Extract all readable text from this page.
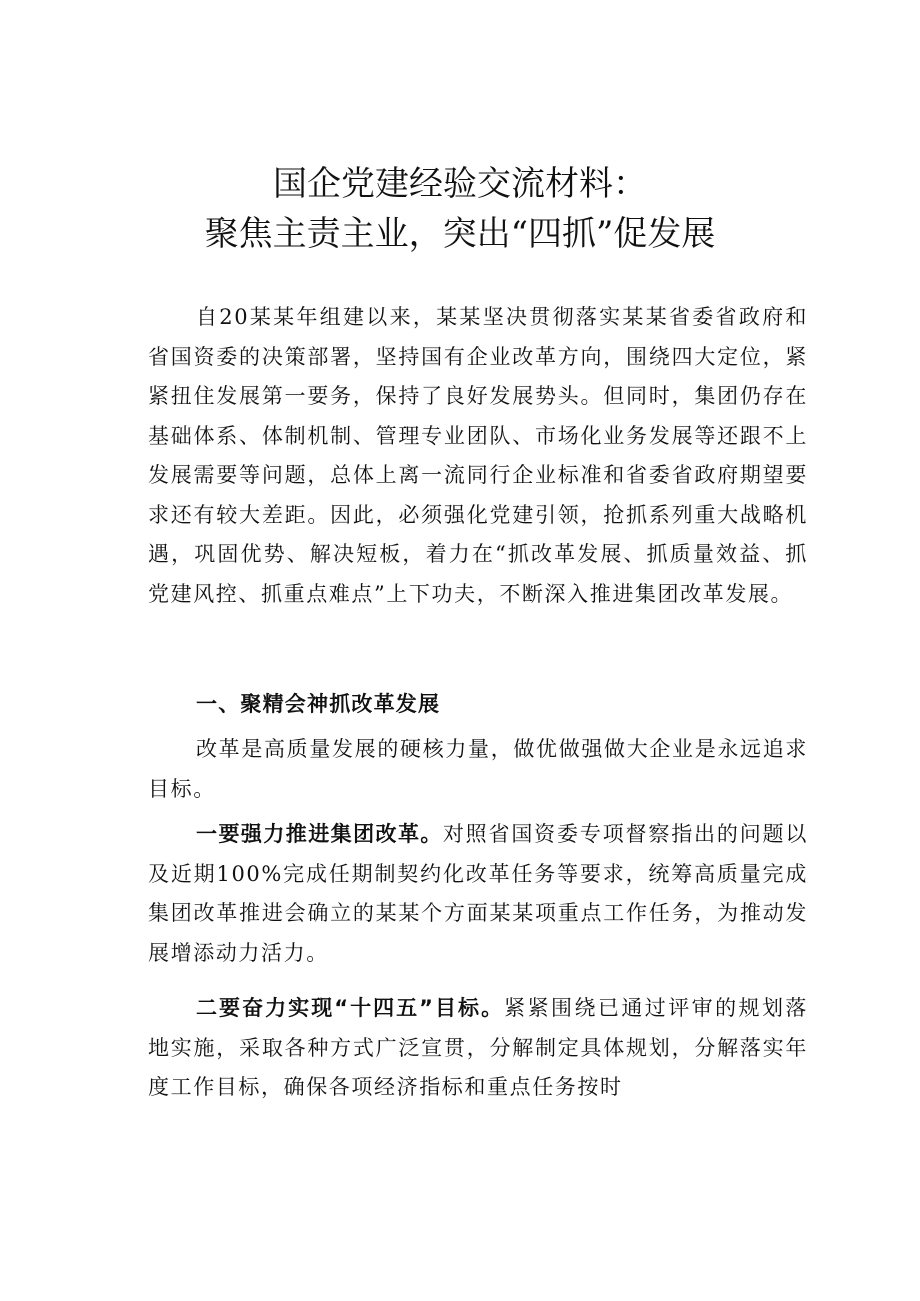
国企党建经验交流材料：
聚焦主责主业，突出“四抓”促发展

自20某某年组建以来，某某坚决贯彻落实某某省委省政府和省国资委的决策部署，坚持国有企业改革方向，围绕四大定位，紧紧扭住发展第一要务，保持了良好发展势头。但同时，集团仍存在基础体系、体制机制、管理专业团队、市场化业务发展等还跟不上发展需要等问题，总体上离一流同行企业标准和省委省政府期望要求还有较大差距。因此，必须强化党建引领，抢抓系列重大战略机遇，巩固优势、解决短板，着力在“抓改革发展、抓质量效益、抓党建风控、抓重点难点”上下功夫，不断深入推进集团改革发展。

一、聚精会神抓改革发展

改革是高质量发展的硬核力量，做优做强做大企业是永远追求目标。

一要强力推进集团改革。对照省国资委专项督察指出的问题以及近期100%完成任期制契约化改革任务等要求，统筹高质量完成集团改革推进会确立的某某个方面某某项重点工作任务，为推动发展增添动力活力。

二要奋力实现“十四五”目标。紧紧围绕已通过评审的规划落地实施，采取各种方式广泛宣贯，分解制定具体规划，分解落实年度工作目标，确保各项经济指标和重点任务按时
